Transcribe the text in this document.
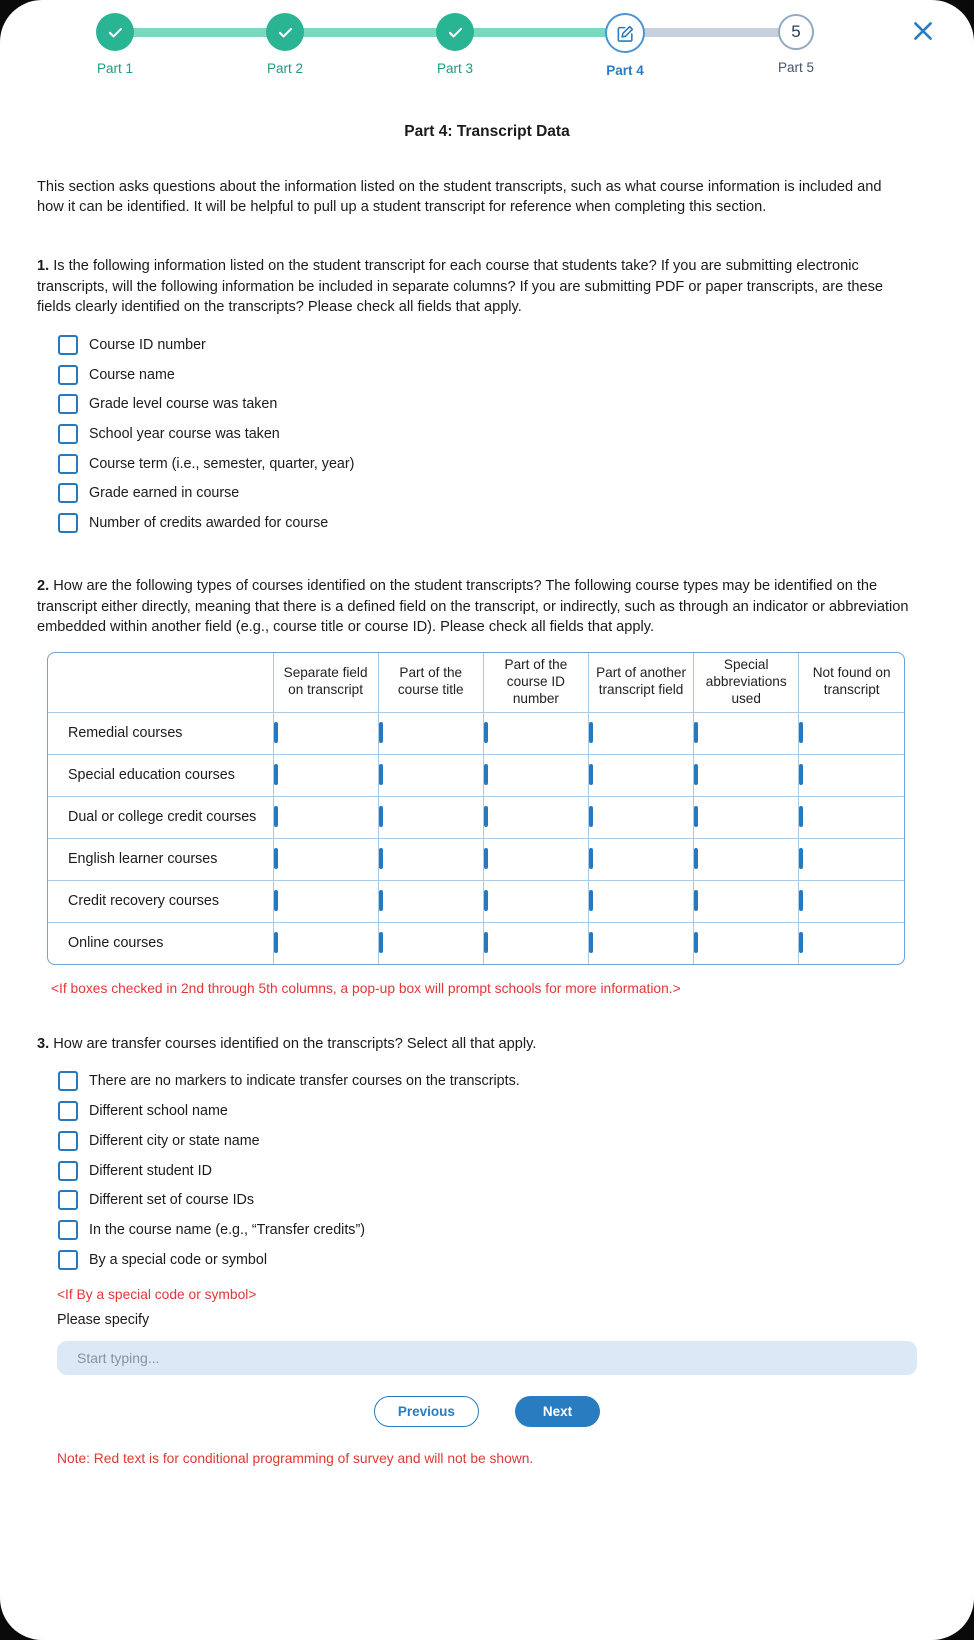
Part 1	Part 2	Part 3	Part 4
5
Part 5
Part 4: Transcript Data

This section asks questions about the information listed on the student transcripts, such as what course information is included and how it can be identified. It will be helpful to pull up a student transcript for reference when completing this section.

1. Is the following information listed on the student transcript for each course that students take? If you are submitting electronic transcripts, will the following information be included in separate columns? If you are submitting PDF or paper transcripts, are these fields clearly identified on the transcripts? Please check all fields that apply.

Course ID number
Course name
Grade level course was taken
School year course was taken
Course term (i.e., semester, quarter, year)
Grade earned in course
Number of credits awarded for course

2. How are the following types of courses identified on the student transcripts? The following course types may be identified on the transcript either directly, meaning that there is a defined field on the transcript, or indirectly, such as through an indicator or abbreviation embedded within another field (e.g., course title or course ID). Please check all fields that apply.

	Separate field on transcript	Part of the course title	Part of the course ID number	Part of another transcript field	Special abbreviations used	Not found on transcript
Remedial courses						
Special education courses						
Dual or college credit courses						
English learner courses						
Credit recovery courses						
Online courses						
<If boxes checked in 2nd through 5th columns, a pop-up box will prompt schools for more information.>

3. How are transfer courses identified on the transcripts? Select all that apply.

There are no markers to indicate transfer courses on the transcripts.
Different school name
Different city or state name
Different student ID
Different set of course IDs
In the course name (e.g., “Transfer credits”)
By a special code or symbol
<If By a special code or symbol>
Please specify
Start typing...
Previous	Next
Note: Red text is for conditional programming of survey and will not be shown.
